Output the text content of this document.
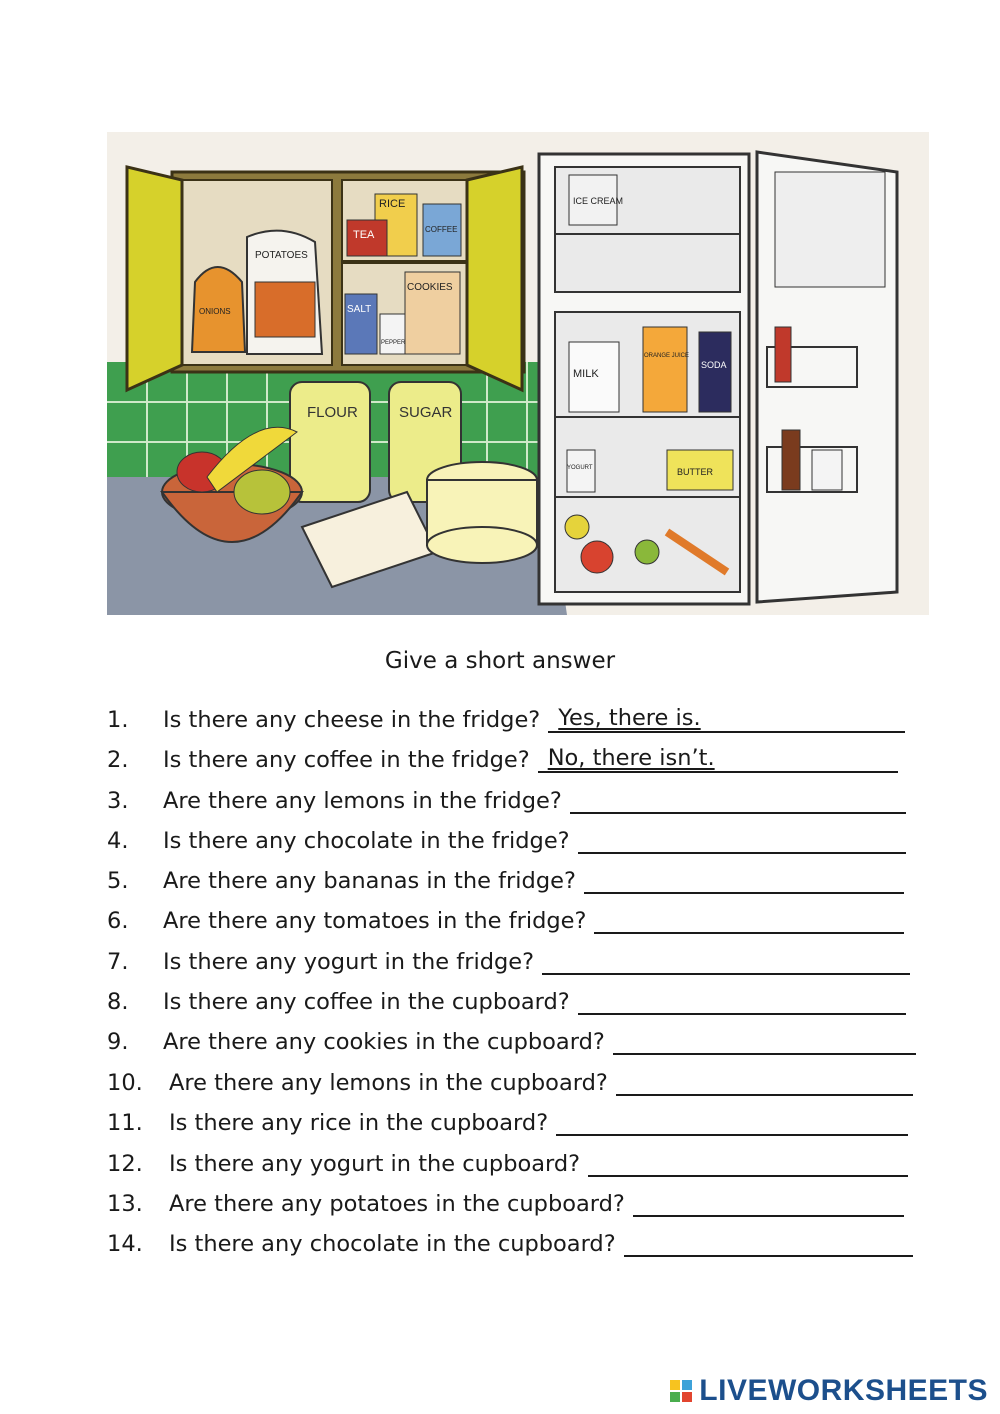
POTATOES
ONIONS
RICE
TEA	COFFEE
SALT
PEPPER
COOKIES
FLOUR	SUGAR
ICE CREAM
MILK
ORANGE JUICE
SODA
YOGURT	BUTTER
Give a short answer
1.	Is there any cheese in the fridge? Yes, there is.
2.	Is there any coffee in the fridge? No, there isn’t.
3.	Are there any lemons in the fridge?
4.	Is there any chocolate in the fridge?
5.	Are there any bananas in the fridge?
6.	Are there any tomatoes in the fridge?
7.	Is there any yogurt in the fridge?
8.	Is there any coffee in the cupboard?
9.	Are there any cookies in the cupboard?
10.	Are there any lemons in the cupboard?
11.	Is there any rice in the cupboard?
12.	Is there any yogurt in the cupboard?
13.	Are there any potatoes in the cupboard?
14.	Is there any chocolate in the cupboard?
LIVEWORKSHEETS
